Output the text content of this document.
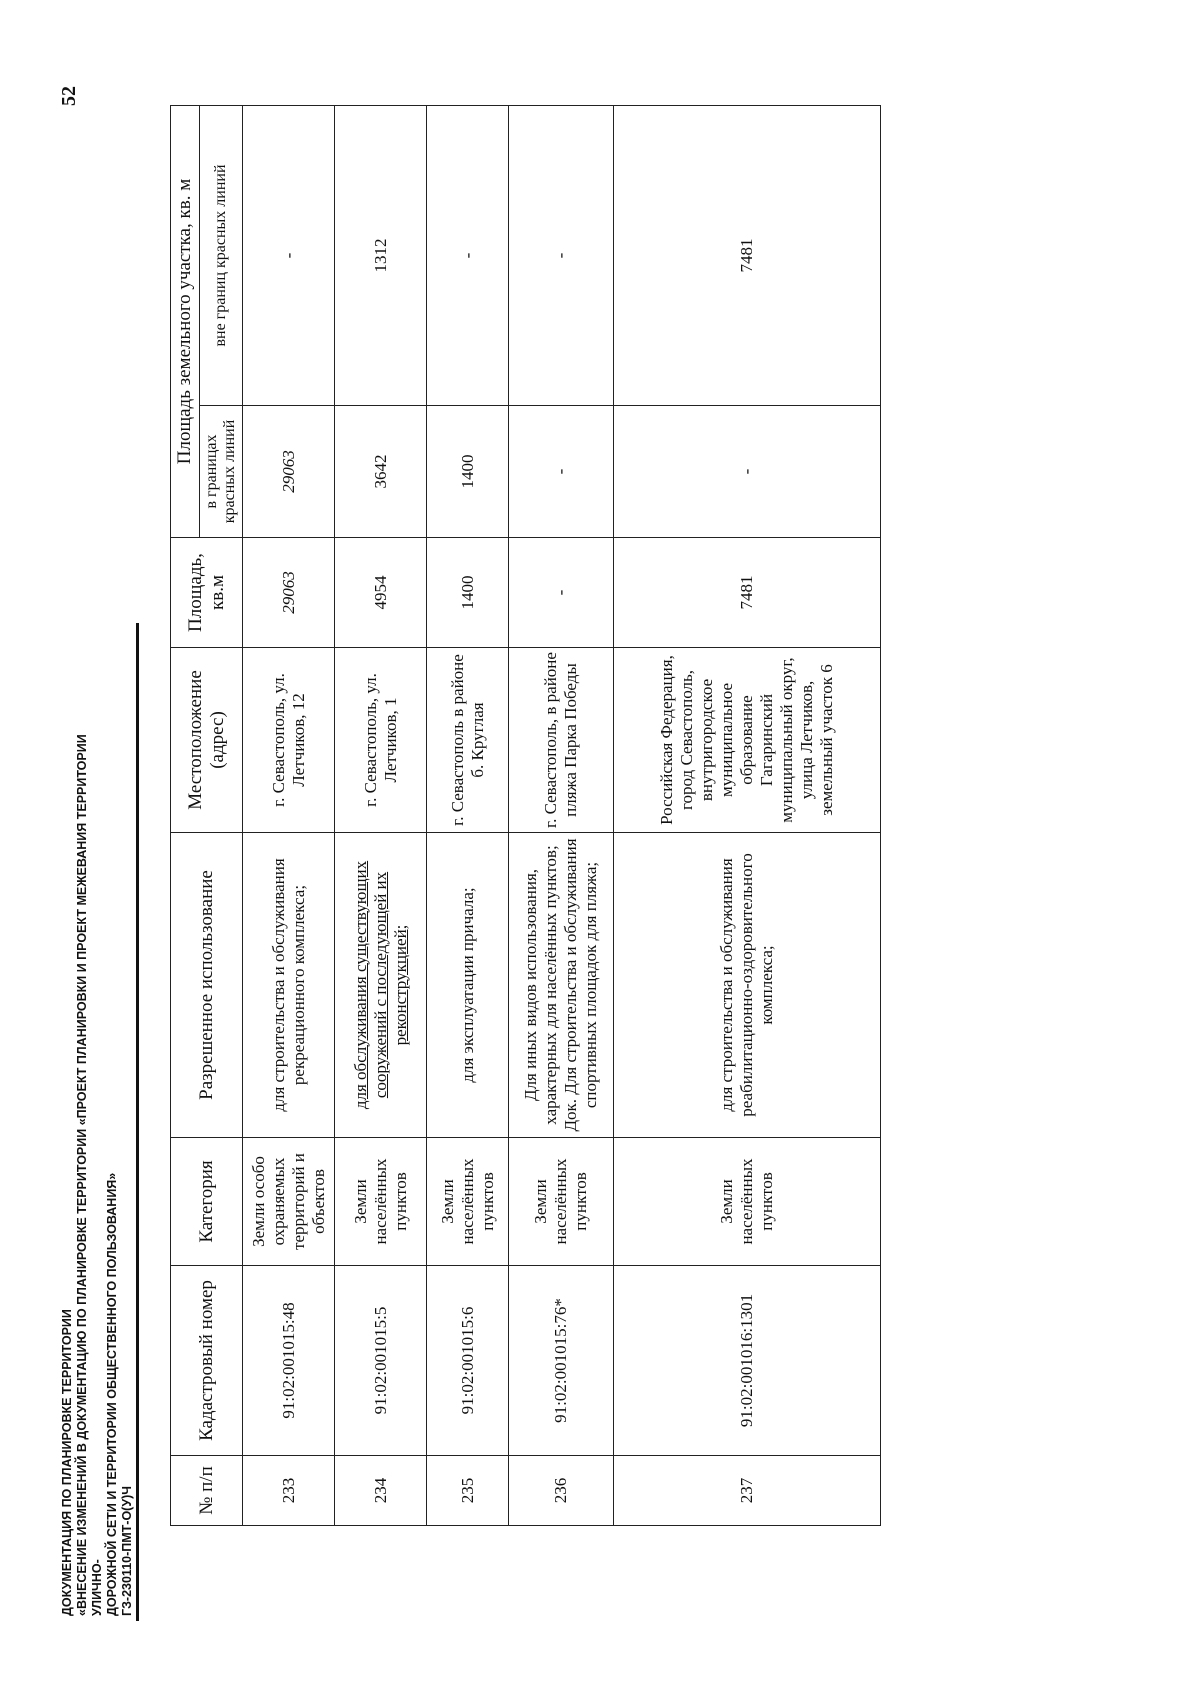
52
ДОКУМЕНТАЦИЯ ПО ПЛАНИРОВКЕ ТЕРРИТОРИИ «ВНЕСЕНИЕ ИЗМЕНЕНИЙ В ДОКУМЕНТАЦИЮ ПО ПЛАНИРОВКЕ ТЕРРИТОРИИ «ПРОЕКТ ПЛАНИРОВКИ И ПРОЕКТ МЕЖЕВАНИЯ ТЕРРИТОРИИ УЛИЧНО- ДОРОЖНОЙ СЕТИ И ТЕРРИТОРИИ ОБЩЕСТВЕННОГО ПОЛЬЗОВАНИЯ» ГЗ-230110-ПМТ-О(У)Ч	№ п/п	Кадастровый номер	Категория	Разрешенное использование	Местоположение (адрес)	Площадь, кв.м	Площадь земельного участка, кв. м	
						в границах красных линий	вне границ красных линий
233	91:02:001015:48	Земли особо охраняемых территорий и объектов	для строительства и обслуживания рекреационного комплекса;	г. Севастополь, ул. Летчиков, 12	29063	29063	-
234	91:02:001015:5	Земли населённых пунктов	для обслуживания существующих сооружений с последующей их реконструкцией;	г. Севастополь, ул. Летчиков, 1	4954	3642	1312
235	91:02:001015:6	Земли населённых пунктов	для эксплуатации причала;	г. Севастополь в районе б. Круглая	1400	1400	-
236	91:02:001015:76*	Земли населённых пунктов	Для иных видов использования, характерных для населённых пунктов; Док. Для строительства и обслуживания спортивных площадок для пляжа;	г. Севастополь, в районе пляжа Парка Победы	-	-	-
237	91:02:001016:1301	Земли населённых пунктов	для строительства и обслуживания реабилитационно-оздоровительного комплекса;	Российская Федерация, город Севастополь, внутригородское муниципальное образование Гагаринский муниципальный округ, улица Летчиков, земельный участок 6	7481	-	7481
